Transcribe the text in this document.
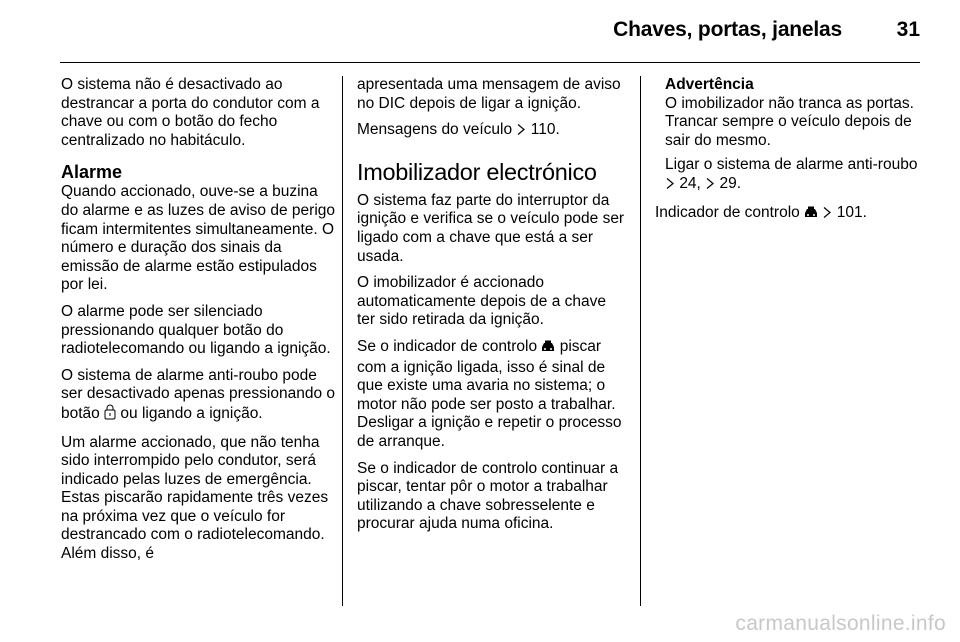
Chaves, portas, janelas	31

O sistema não é desactivado ao destrancar a porta do condutor com a chave ou com o botão do fecho centralizado no habitáculo.

Alarme

Quando accionado, ouve-se a buzina do alarme e as luzes de aviso de perigo ficam intermitentes simultaneamente. O número e duração dos sinais da emissão de alarme estão estipulados por lei.

O alarme pode ser silenciado pressionando qualquer botão do radiotelecomando ou ligando a ignição.

O sistema de alarme anti-roubo pode ser desactivado apenas pressionando o botão ou ligando a ignição.

Um alarme accionado, que não tenha sido interrompido pelo condutor, será indicado pelas luzes de emergência. Estas piscarão rapidamente três vezes na próxima vez que o veículo for destrancado com o radiotelecomando. Além disso, é

apresentada uma mensagem de aviso no DIC depois de ligar a ignição.

Mensagens do veículo 110.

Imobilizador electrónico

O sistema faz parte do interruptor da ignição e verifica se o veículo pode ser ligado com a chave que está a ser usada.

O imobilizador é accionado automaticamente depois de a chave ter sido retirada da ignição.

Se o indicador de controlo piscar com a ignição ligada, isso é sinal de que existe uma avaria no sistema; o motor não pode ser posto a trabalhar. Desligar a ignição e repetir o processo de arranque.

Se o indicador de controlo continuar a piscar, tentar pôr o motor a trabalhar utilizando a chave sobresselente e procurar ajuda numa oficina.

Advertência

O imobilizador não tranca as portas. Trancar sempre o veículo depois de sair do mesmo.

Ligar o sistema de alarme anti-roubo  24, 29.

Indicador de controlo 101.

carmanualsonline.info
